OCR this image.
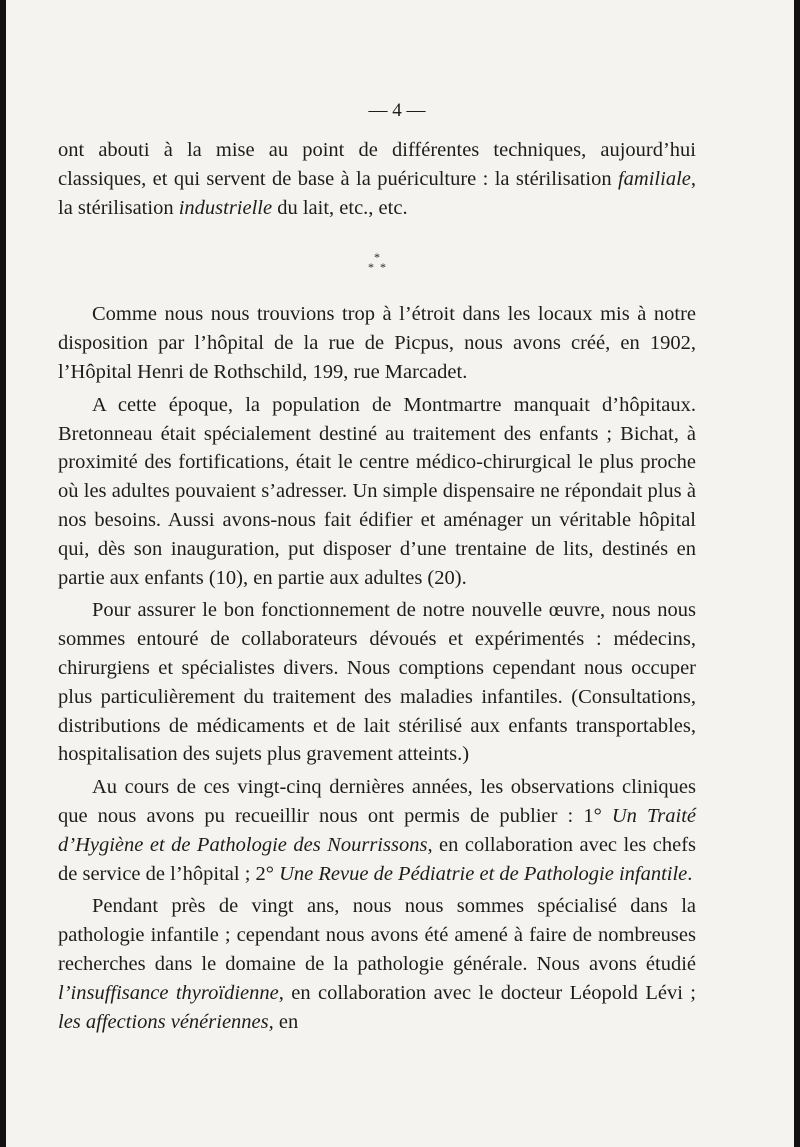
— 4 —

ont abouti à la mise au point de différentes techniques, aujourd’hui classiques, et qui servent de base à la puériculture : la stérilisation familiale, la stérilisation industrielle du lait, etc., etc.

*
*  *

Comme nous nous trouvions trop à l’étroit dans les locaux mis à notre disposition par l’hôpital de la rue de Picpus, nous avons créé, en 1902, l’Hôpital Henri de Rothschild, 199, rue Marcadet.

A cette époque, la population de Montmartre manquait d’hôpitaux. Bretonneau était spécialement destiné au traitement des enfants ; Bichat, à proximité des fortifications, était le centre médico-chirurgical le plus proche où les adultes pouvaient s’adresser. Un simple dispensaire ne répondait plus à nos besoins. Aussi avons-nous fait édifier et aménager un véritable hôpital qui, dès son inauguration, put disposer d’une trentaine de lits, destinés en partie aux enfants (10), en partie aux adultes (20).

Pour assurer le bon fonctionnement de notre nouvelle œuvre, nous nous sommes entouré de collaborateurs dévoués et expérimentés : médecins, chirurgiens et spécialistes divers. Nous comptions cependant nous occuper plus particulièrement du traitement des maladies infantiles. (Consultations, distributions de médicaments et de lait stérilisé aux enfants transportables, hospitalisation des sujets plus gravement atteints.)

Au cours de ces vingt-cinq dernières années, les observations cliniques que nous avons pu recueillir nous ont permis de publier : 1° Un Traité d’Hygiène et de Pathologie des Nourrissons, en collaboration avec les chefs de service de l’hôpital ; 2° Une Revue de Pédiatrie et de Pathologie infantile.

Pendant près de vingt ans, nous nous sommes spécialisé dans la pathologie infantile ; cependant nous avons été amené à faire de nombreuses recherches dans le domaine de la pathologie générale. Nous avons étudié l’insuffisance thyroïdienne, en collaboration avec le docteur Léopold Lévi ; les affections vénériennes, en
